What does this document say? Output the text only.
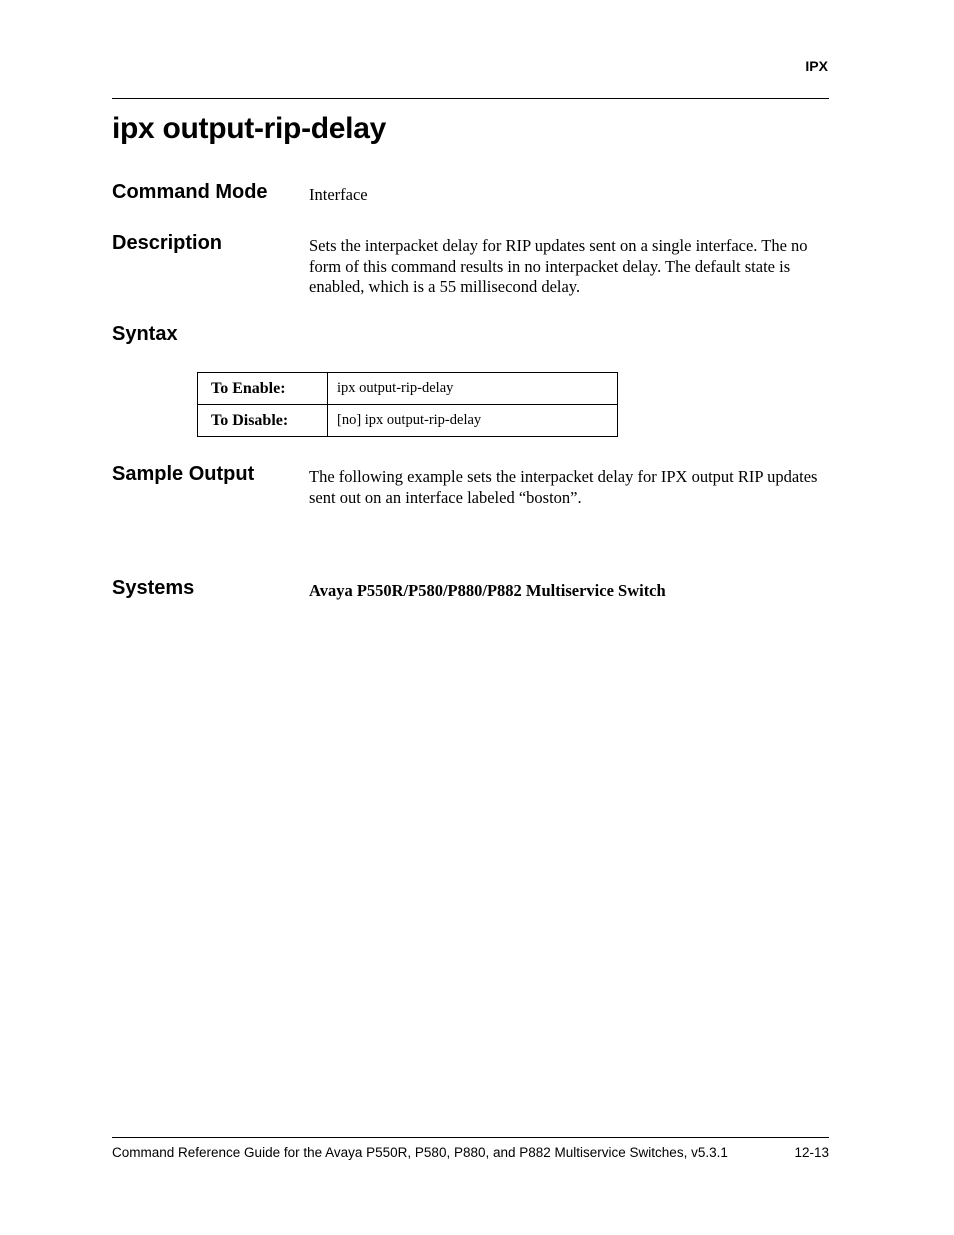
IPX
ipx output-rip-delay
Command Mode	Interface

Description	Sets the interpacket delay for RIP updates sent on a single interface. The no form of this command results in no interpacket delay. The default state is enabled, which is a 55 millisecond delay.

Syntax
To Enable:	ipx output-rip-delay
To Disable:	[no] ipx output-rip-delay
Sample Output	The following example sets the interpacket delay for IPX output RIP updates sent out on an interface labeled “boston”.

Systems	Avaya P550R/P580/P880/P882 Multiservice Switch

Command Reference Guide for the Avaya P550R, P580, P880, and P882 Multiservice Switches, v5.3.1	12-13
